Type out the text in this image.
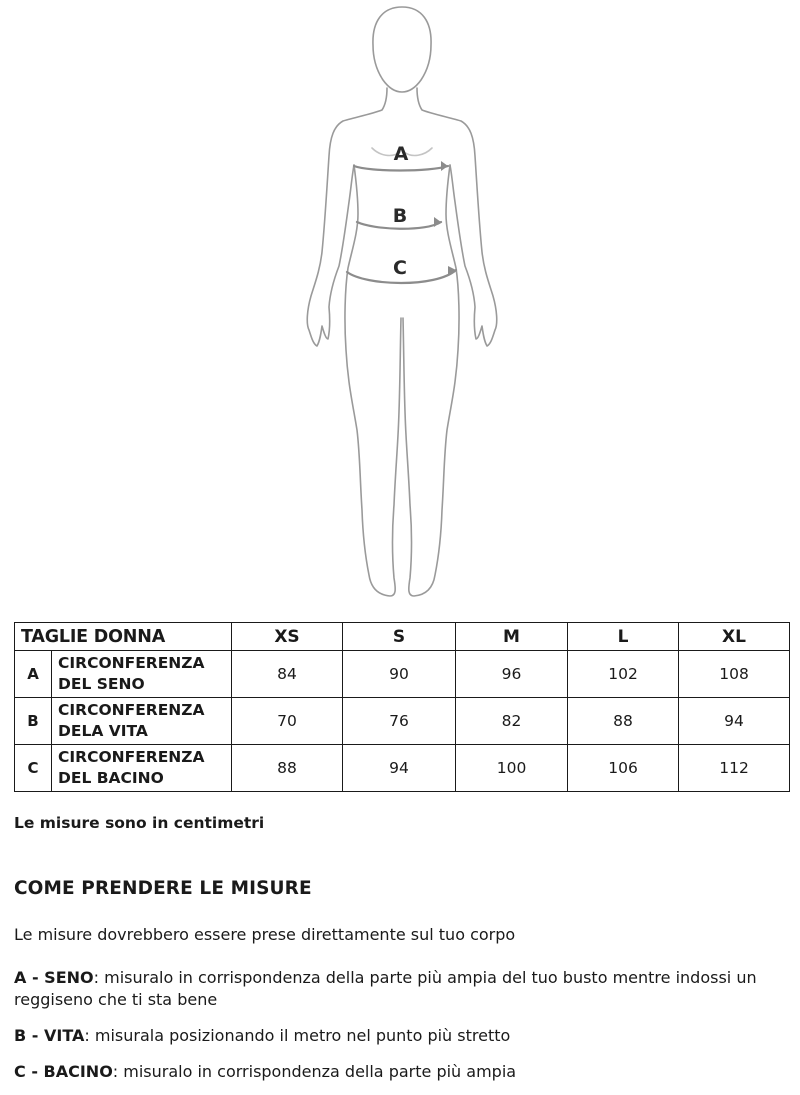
A
B
C
TAGLIE DONNA		XS	S	M	L	XL
A	CIRCONFERENZA
DEL SENO	84	90	96	102	108
B	CIRCONFERENZA
DELA VITA	70	76	82	88	94
C	CIRCONFERENZA
DEL BACINO	88	94	100	106	112
Le misure sono in centimetri
COME PRENDERE LE MISURE
Le misure dovrebbero essere prese direttamente sul tuo corpo
A - SENO: misuralo in corrispondenza della parte più ampia del tuo busto mentre indossi un reggiseno che ti sta bene
B - VITA: misurala posizionando il metro nel punto più stretto
C - BACINO: misuralo in corrispondenza della parte più ampia
